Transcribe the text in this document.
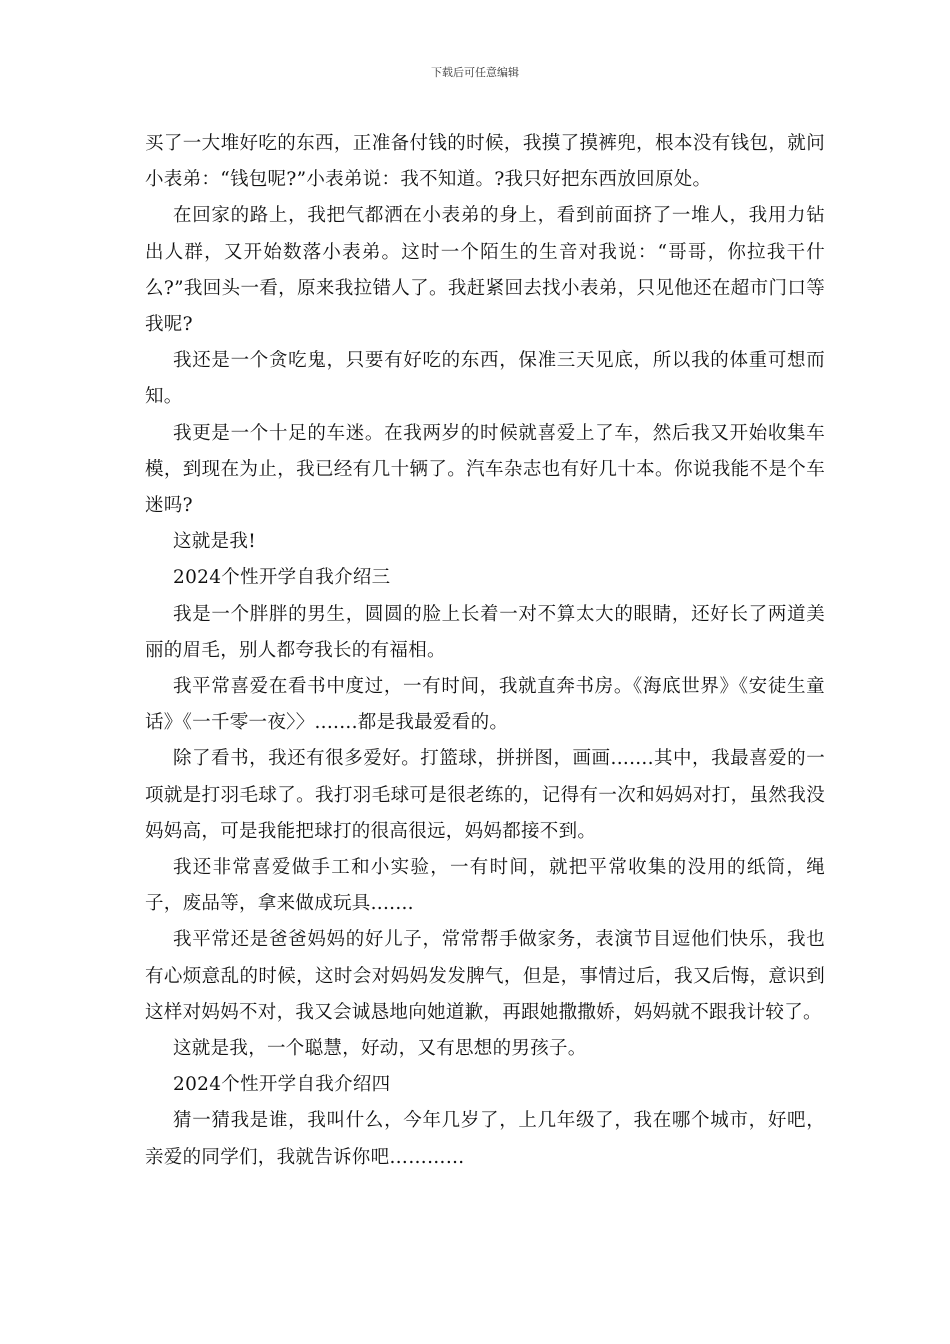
下载后可任意编辑

买了一大堆好吃的东西，正准备付钱的时候，我摸了摸裤兜，根本没有钱包，就问小表弟：“钱包呢?”小表弟说：我不知道。?我只好把东西放回原处。

在回家的路上，我把气都洒在小表弟的身上，看到前面挤了一堆人，我用力钻出人群，又开始数落小表弟。这时一个陌生的生音对我说：“哥哥，你拉我干什么?”我回头一看，原来我拉错人了。我赶紧回去找小表弟，只见他还在超市门口等我呢?

我还是一个贪吃鬼，只要有好吃的东西，保准三天见底，所以我的体重可想而知。

我更是一个十足的车迷。在我两岁的时候就喜爱上了车，然后我又开始收集车模，到现在为止，我已经有几十辆了。汽车杂志也有好几十本。你说我能不是个车迷吗?

这就是我!

2024个性开学自我介绍三

我是一个胖胖的男生，圆圆的脸上长着一对不算太大的眼睛，还好长了两道美丽的眉毛，别人都夸我长的有福相。

我平常喜爱在看书中度过，一有时间，我就直奔书房。《海底世界》《安徒生童话》《一千零一夜〉〉.......都是我最爱看的。

除了看书，我还有很多爱好。打篮球，拼拼图，画画.......其中，我最喜爱的一项就是打羽毛球了。我打羽毛球可是很老练的，记得有一次和妈妈对打，虽然我没妈妈高，可是我能把球打的很高很远，妈妈都接不到。

我还非常喜爱做手工和小实验，一有时间，就把平常收集的没用的纸筒，绳子，废品等，拿来做成玩具.......

我平常还是爸爸妈妈的好儿子，常常帮手做家务，表演节目逗他们快乐，我也有心烦意乱的时候，这时会对妈妈发发脾气，但是，事情过后，我又后悔，意识到这样对妈妈不对，我又会诚恳地向她道歉，再跟她撒撒娇，妈妈就不跟我计较了。

这就是我，一个聪慧，好动，又有思想的男孩子。

2024个性开学自我介绍四

猜一猜我是谁，我叫什么，今年几岁了，上几年级了，我在哪个城市，好吧，亲爱的同学们，我就告诉你吧…………
